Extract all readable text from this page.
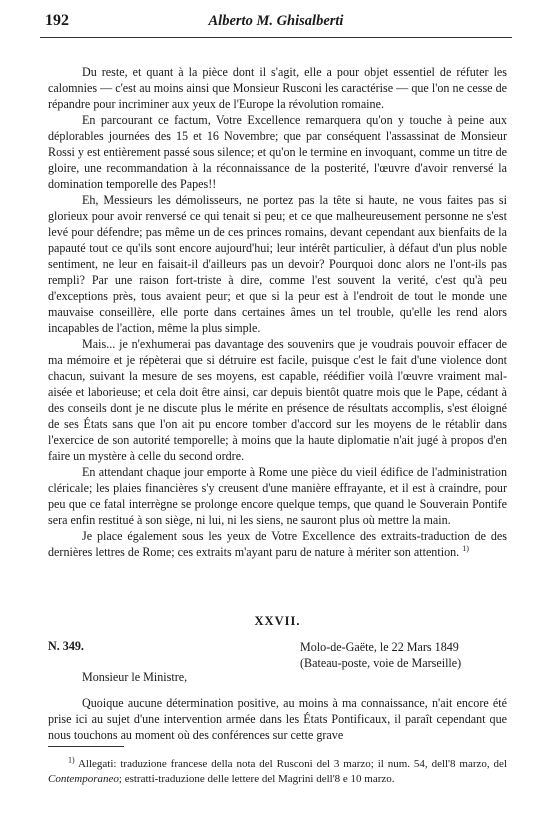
192	Alberto M. Ghisalberti

Du reste, et quant à la pièce dont il s'agit, elle a pour objet essentiel de réfuter les calomnies — c'est au moins ainsi que Monsieur Rusconi les caractérise — que l'on ne cesse de répandre pour incriminer aux yeux de l'Europe la révolution romaine.

En parcourant ce factum, Votre Excellence remarquera qu'on y touche à peine aux déplorables journées des 15 et 16 Novembre; que par conséquent l'assassinat de Monsieur Rossi y est entièrement passé sous silence; et qu'on le termine en invoquant, comme un titre de gloire, une recommandation à la réconnaissance de la posterité, l'œuvre d'avoir renversé la domination temporelle des Papes!!

Eh, Messieurs les démolisseurs, ne portez pas la tête si haute, ne vous faites pas si glorieux pour avoir renversé ce qui tenait si peu; et ce que malheureusement personne ne s'est levé pour défendre; pas même un de ces princes romains, devant cependant aux bienfaits de la papauté tout ce qu'ils sont encore aujourd'hui; leur intérêt particulier, à défaut d'un plus noble sentiment, ne leur en faisait-il d'ailleurs pas un devoir? Pourquoi donc alors ne l'ont-ils pas rempli? Par une raison fort-triste à dire, comme l'est souvent la verité, c'est qu'à peu d'exceptions près, tous avaient peur; et que si la peur est à l'endroit de tout le monde une mauvaise conseillère, elle porte dans certaines âmes un tel trouble, qu'elle les rend alors incapables de l'action, même la plus simple.

Mais... je n'exhumerai pas davantage des souvenirs que je voudrais pouvoir effacer de ma mémoire et je répèterai que si détruire est facile, puisque c'est le fait d'une violence dont chacun, suivant la mesure de ses moyens, est capable, réédifier voilà l'œuvre vraiment mal-aisée et laborieuse; et cela doit être ainsi, car depuis bientôt quatre mois que le Pape, cédant à des conseils dont je ne discute plus le mérite en présence de résultats accomplis, s'est éloigné de ses États sans que l'on ait pu encore tomber d'accord sur les moyens de le rétablir dans l'exercice de son autorité temporelle; à moins que la haute diplomatie n'ait jugé à propos d'en faire un mystère à celle du second ordre.

En attendant chaque jour emporte à Rome une pièce du vieil édifice de l'administration cléricale; les plaies financières s'y creusent d'une manière effrayante, et il est à craindre, pour peu que ce fatal interrègne se prolonge encore quelque temps, que quand le Souverain Pontife sera enfin restitué à son siège, ni lui, ni les siens, ne sauront plus où mettre la main.

Je place également sous les yeux de Votre Excellence des extraits-traduction de des dernières lettres de Rome; ces extraits m'ayant paru de nature à mériter son attention. $^{1)}$

XXVII.
N. 349.	Molo-de-Gaëte, le 22 Mars 1849
(Bateau-poste, voie de Marseille)
Monsieur le Ministre,

Quoique aucune détermination positive, au moins à ma connaissance, n'ait encore été prise ici au sujet d'une intervention armée dans les États Pontificaux, il paraît cependant que nous touchons au moment où des conférences sur cette grave

$^{1)}$ Allegati: traduzione francese della nota del Rusconi del 3 marzo; il num. 54, dell'8 marzo, del Contemporaneo; estratti-traduzione delle lettere del Magrini dell'8 e 10 marzo.
